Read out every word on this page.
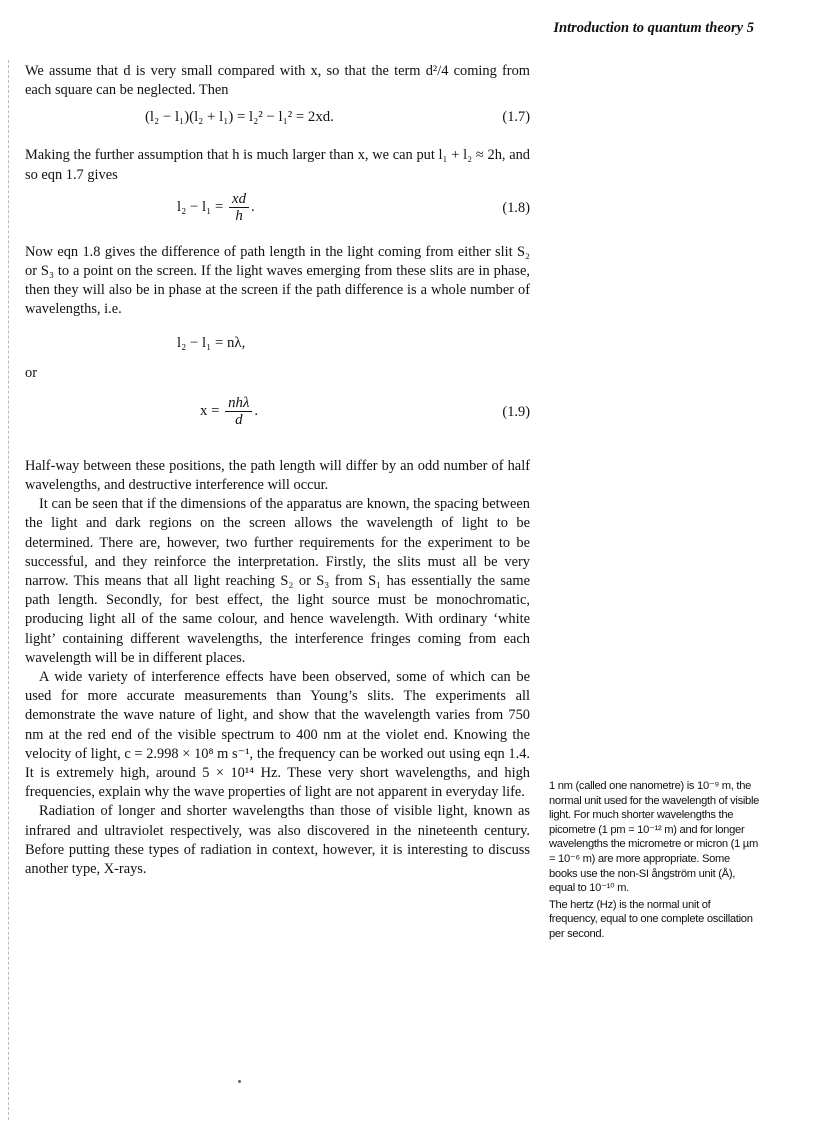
Introduction to quantum theory 5

We assume that d is very small compared with x, so that the term d²/4 coming from each square can be neglected. Then

(l₂ − l₁)(l₂ + l₁) = l₂² − l₁² = 2xd.	(1.7)

Making the further assumption that h is much larger than x, we can put l₁ + l₂ ≈ 2h, and so eqn 1.7 gives

$l_2 - l_1 = \frac{xd}{h}$ .	(1.8)

Now eqn 1.8 gives the difference of path length in the light coming from either slit S₂ or S₃ to a point on the screen. If the light waves emerging from these slits are in phase, then they will also be in phase at the screen if the path difference is a whole number of wavelengths, i.e.

l₂ − l₁ = nλ,

or

$x = \frac{\text{nhλ}}{d}$ .	(1.9)

Half-way between these positions, the path length will differ by an odd number of half wavelengths, and destructive interference will occur.

It can be seen that if the dimensions of the apparatus are known, the spacing between the light and dark regions on the screen allows the wavelength of light to be determined. There are, however, two further requirements for the experiment to be successful, and they reinforce the interpretation. Firstly, the slits must all be very narrow. This means that all light reaching S₂ or S₃ from S₁ has essentially the same path length. Secondly, for best effect, the light source must be monochromatic, producing light all of the same colour, and hence wavelength. With ordinary ‘white light’ containing different wavelengths, the interference fringes coming from each wavelength will be in different places.

A wide variety of interference effects have been observed, some of which can be used for more accurate measurements than Young’s slits. The experiments all demonstrate the wave nature of light, and show that the wavelength varies from 750 nm at the red end of the visible spectrum to 400 nm at the violet end. Knowing the velocity of light, c = 2.998 × 10⁸ m s⁻¹, the frequency can be worked out using eqn 1.4. It is extremely high, around 5 × 10¹⁴ Hz. These very short wavelengths, and high frequencies, explain why the wave properties of light are not apparent in everyday life.

Radiation of longer and shorter wavelengths than those of visible light, known as infrared and ultraviolet respectively, was also discovered in the nineteenth century. Before putting these types of radiation in context, however, it is interesting to discuss another type, X-rays.

1 nm (called one nanometre) is 10⁻⁹ m, the normal unit used for the wavelength of visible light. For much shorter wavelengths the picometre (1 pm = 10⁻¹² m) and for longer wavelengths the micrometre or micron (1 µm = 10⁻⁶ m) are more appropriate. Some books use the non-SI ångström unit (Å), equal to 10⁻¹⁰ m.

The hertz (Hz) is the normal unit of frequency, equal to one complete oscillation per second.
